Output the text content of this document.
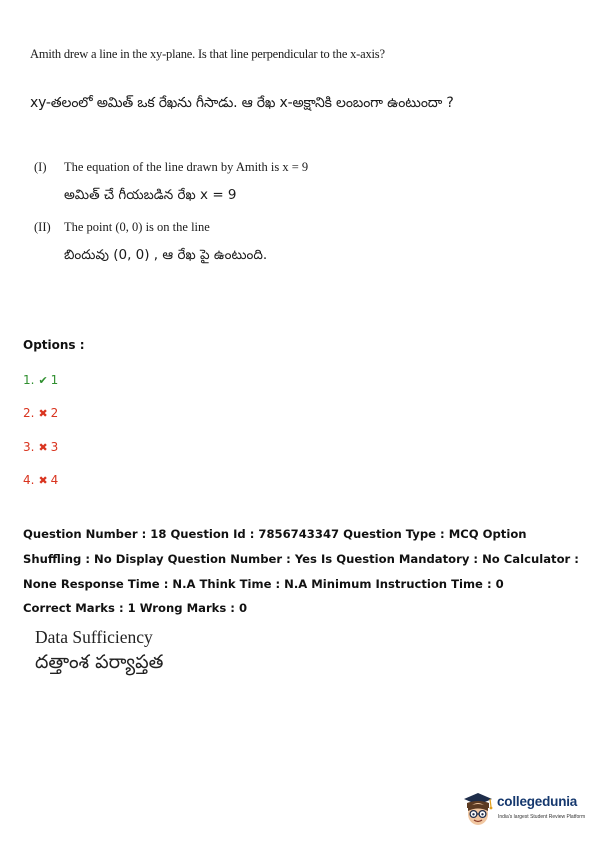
Amith drew a line in the xy-plane. Is that line perpendicular to the x-axis?
xy-తలంలో అమిత్ ఒక రేఖను గీసాడు. ఆ రేఖ x-అక్షానికి లంబంగా ఉంటుందా ?
(I) The equation of the line drawn by Amith is x = 9
అమిత్ చే గీయబడిన రేఖ x = 9
(II) The point (0, 0) is on the line
బిందువు (0, 0) , ఆ రేఖ పై ఉంటుంది.
Options :
1. ✔ 1
2. ✖ 2
3. ✖ 3
4. ✖ 4
Question Number : 18 Question Id : 7856743347 Question Type : MCQ Option Shuffling : No Display Question Number : Yes Is Question Mandatory : No Calculator : None Response Time : N.A Think Time : N.A Minimum Instruction Time : 0
Correct Marks : 1 Wrong Marks : 0
Data Sufficiency
దత్తాంశ పర్యాప్తత
collegedunia
India's largest Student Review Platform
